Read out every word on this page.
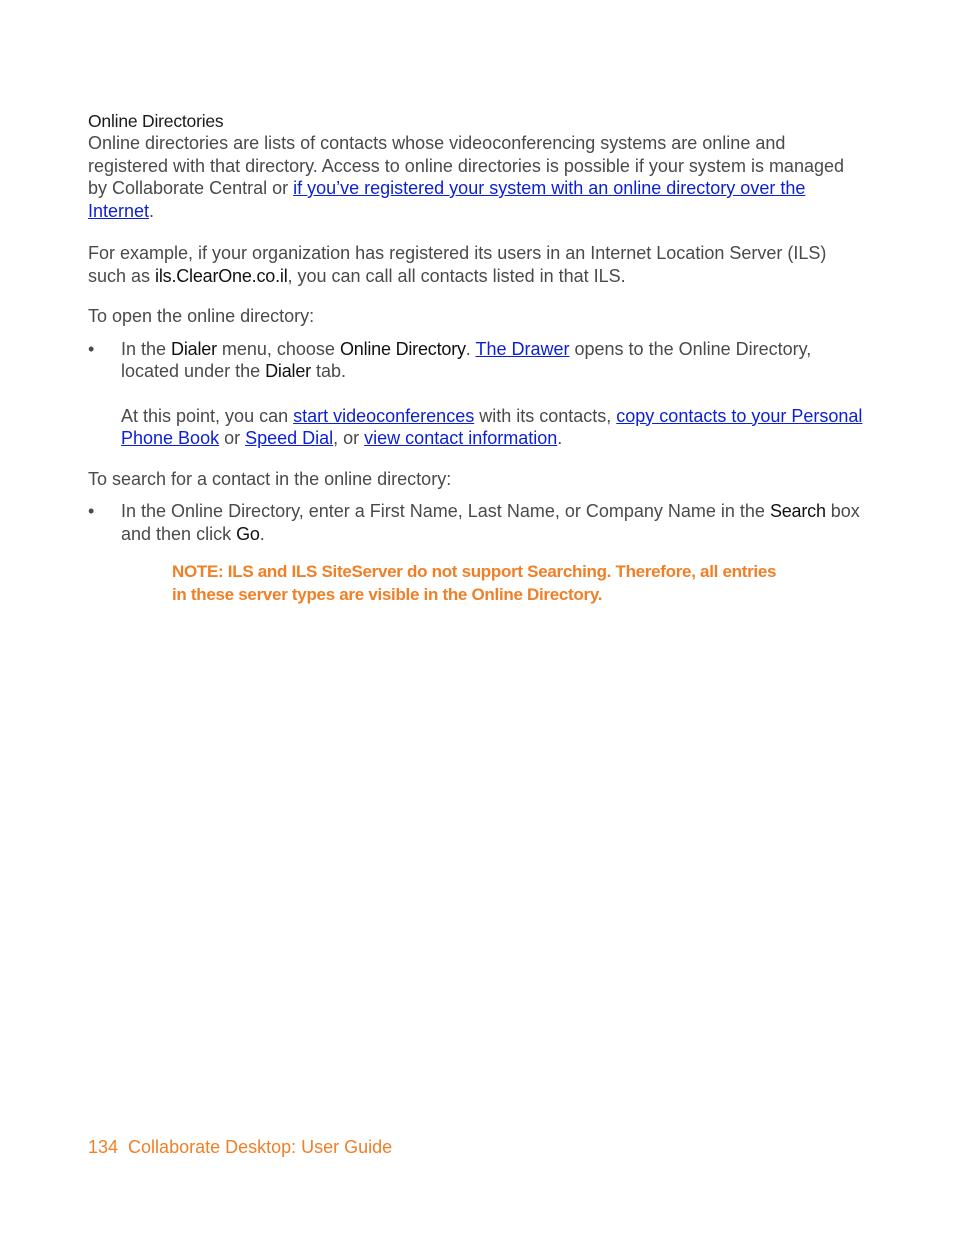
Online Directories

Online directories are lists of contacts whose videoconferencing systems are online and registered with that directory. Access to online directories is possible if your system is managed by Collaborate Central or if you’ve registered your system with an online directory over the Internet.

For example, if your organization has registered its users in an Internet Location Server (ILS) such as ils.ClearOne.co.il, you can call all contacts listed in that ILS.

To open the online directory:

• In the Dialer menu, choose Online Directory. The Drawer opens to the Online Directory, located under the Dialer tab.
At this point, you can start videoconferences with its contacts, copy contacts to your Personal Phone Book or Speed Dial, or view contact information.

To search for a contact in the online directory:

• In the Online Directory, enter a First Name, Last Name, or Company Name in the Search box and then click Go.
NOTE: ILS and ILS SiteServer do not support Searching. Therefore, all entries in these server types are visible in the Online Directory.
134 Collaborate Desktop: User Guide
